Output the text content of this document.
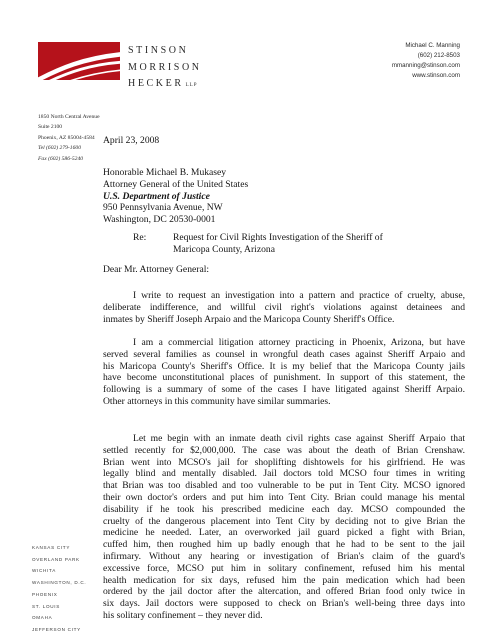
STINSON
MORRISON
HECKER LLP
Michael C. Manning
(602) 212-8503
mmanning@stinson.com
www.stinson.com
1850 North Central Avenue
Suite 2100
Phoenix, AZ 85004-4584
Tel (602) 279-1600
Fax (602) 586-5240
April 23, 2008
Honorable Michael B. Mukasey
Attorney General of the United States
U.S. Department of Justice
950 Pennsylvania Avenue, NW
Washington, DC 20530-0001
Re:	Request for Civil Rights Investigation of the Sheriff of
Maricopa County, Arizona
Dear Mr. Attorney General:
I write to request an investigation into a pattern and practice of cruelty, abuse,
deliberate indifference, and willful civil right's violations against detainees and
inmates by Sheriff Joseph Arpaio and the Maricopa County Sheriff's Office.
I am a commercial litigation attorney practicing in Phoenix, Arizona, but have
served several families as counsel in wrongful death cases against Sheriff Arpaio and
his Maricopa County's Sheriff's Office. It is my belief that the Maricopa County jails
have become unconstitutional places of punishment. In support of this statement, the
following is a summary of some of the cases I have litigated against Sheriff Arpaio.
Other attorneys in this community have similar summaries.
Let me begin with an inmate death civil rights case against Sheriff Arpaio that
settled recently for $2,000,000. The case was about the death of Brian Crenshaw.
Brian went into MCSO's jail for shoplifting dishtowels for his girlfriend. He was
legally blind and mentally disabled. Jail doctors told MCSO four times in writing
that Brian was too disabled and too vulnerable to be put in Tent City. MCSO ignored
their own doctor's orders and put him into Tent City. Brian could manage his mental
disability if he took his prescribed medicine each day. MCSO compounded the
cruelty of the dangerous placement into Tent City by deciding not to give Brian the
medicine he needed. Later, an overworked jail guard picked a fight with Brian,
cuffed him, then roughed him up badly enough that he had to be sent to the jail
infirmary. Without any hearing or investigation of Brian's claim of the guard's
excessive force, MCSO put him in solitary confinement, refused him his mental
health medication for six days, refused him the pain medication which had been
ordered by the jail doctor after the altercation, and offered Brian food only twice in
six days. Jail doctors were supposed to check on Brian's well-being three days into
his solitary confinement – they never did.
KANSAS CITY
OVERLAND PARK
WICHITA
WASHINGTON, D.C.
PHOENIX
ST. LOUIS
OMAHA
JEFFERSON CITY
